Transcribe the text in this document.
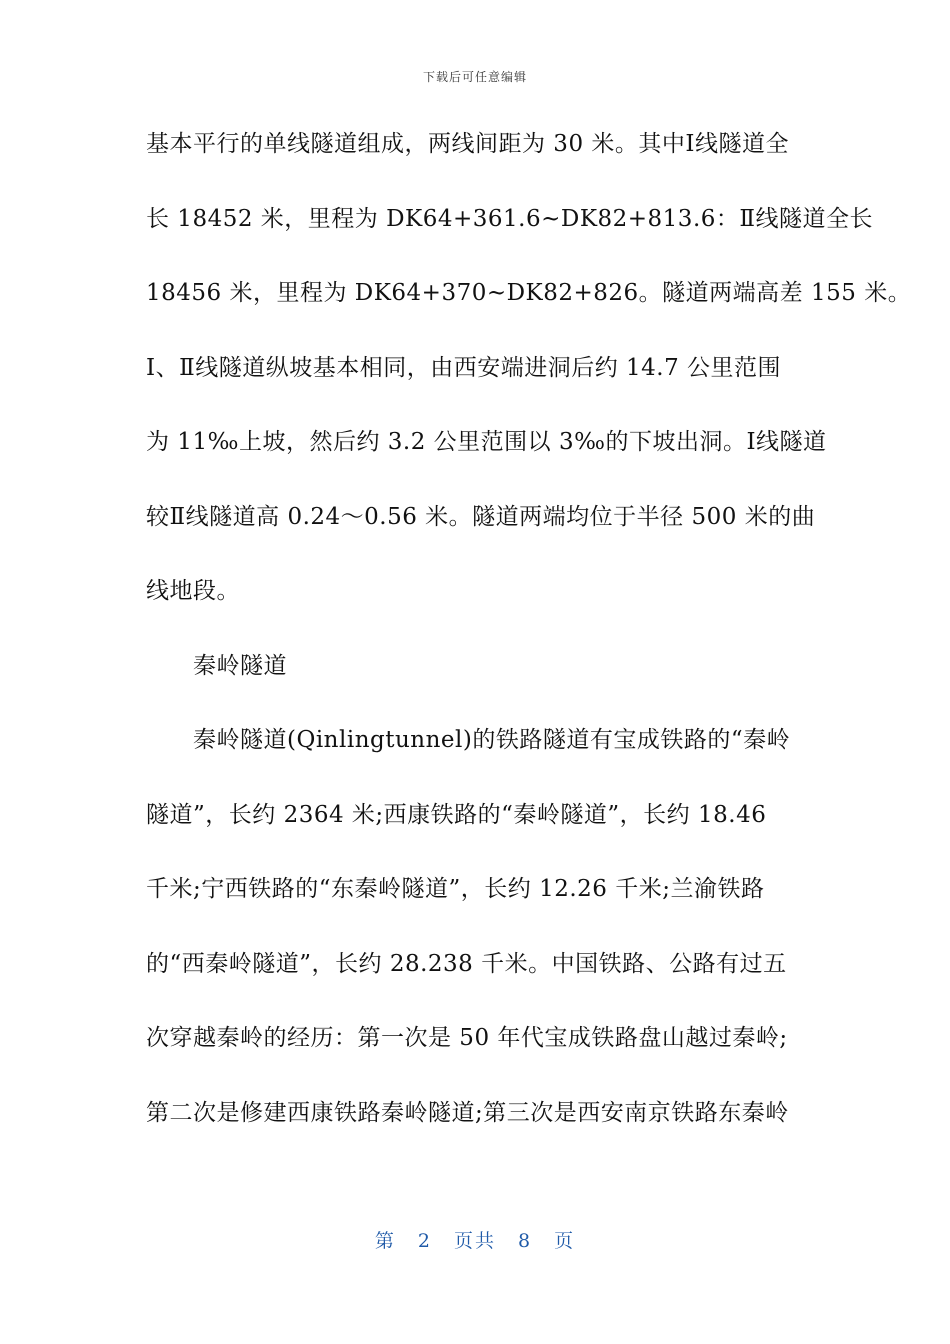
下载后可任意编辑
基本平行的单线隧道组成，两线间距为 30 米。其中Ⅰ线隧道全
长 18452 米，里程为 DK64+361.6~DK82+813.6：Ⅱ线隧道全长
18456 米，里程为 DK64+370~DK82+826。隧道两端高差 155 米。
Ⅰ、Ⅱ线隧道纵坡基本相同，由西安端进洞后约 14.7 公里范围
为 11‰上坡，然后约 3.2 公里范围以 3‰的下坡出洞。Ⅰ线隧道
较Ⅱ线隧道高 0.24～0.56 米。隧道两端均位于半径 500 米的曲
线地段。
秦岭隧道
秦岭隧道(Qinlingtunnel)的铁路隧道有宝成铁路的“秦岭
隧道”，长约 2364 米;西康铁路的“秦岭隧道”，长约 18.46
千米;宁西铁路的“东秦岭隧道”，长约 12.26 千米;兰渝铁路
的“西秦岭隧道”，长约 28.238 千米。中国铁路、公路有过五
次穿越秦岭的经历：第一次是 50 年代宝成铁路盘山越过秦岭;
第二次是修建西康铁路秦岭隧道;第三次是西安南京铁路东秦岭
第 2 页共 8 页
